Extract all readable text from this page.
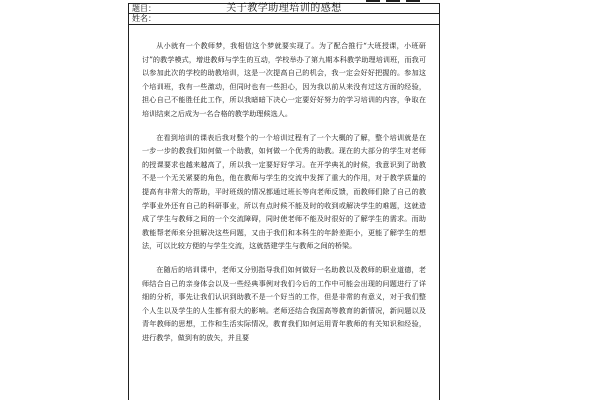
题目：	关于教学助理培训的感想
姓名：

从小就有一个教师梦，我相信这个梦就要实现了。为了配合推行“大班授课，小班研讨”的教学模式，增进教师与学生的互动，学校举办了第九期本科教学助理培训班，而我可以参加此次的学校的助教培训，这是一次提高自己的机会，我一定会好好把握的。参加这个培训班，我有一些激动，但同时也有一些担心，因为我以前从来没有过这方面的经验，担心自己不能胜任此工作，所以我暗暗下决心一定要好好努力的学习培训的内容，争取在培训结束之后成为一名合格的教学助理候选人。

在看到培训的课表后我对整个的一个培训过程有了一个大概的了解，整个培训就是在一步一步的教我们如何做一个助教，如何做一个优秀的助教。现在的大部分的学生对老师的授课要求也越来越高了，所以我一定要好好学习。在开学典礼的时候，我意识到了助教不是一个无关紧要的角色，他在教师与学生的交流中发挥了重大的作用，对于教学质量的提高有非常大的帮助，平时班级的情况都通过班长等向老师反馈，而教师们除了自己的教学事业外还有自己的科研事业，所以有点时候不能及时的收到或解决学生的难题，这就造成了学生与教师之间的一个交流障碍，同时使老师不能及时很好的了解学生的需求。而助教能帮老师来分担解决这些问题，又由于我们和本科生的年龄差距小，更能了解学生的想法，可以比较方便的与学生交流，这就搭建学生与教师之间的桥梁。

在随后的培训课中，老师又分别指导我们如何做好一名助教以及教师的职业道德，老师结合自己的亲身体会以及一些经典事例对我们今后的工作中可能会出现的问题进行了详细的分析，事先让我们认识到助教不是一个好当的工作，但是非常的有意义，对于我们整个人生以及学生的人生都有很大的影响。老师还结合我国高等教育的新情况，新问题以及青年教师的思想，工作和生活实际情况，教育我们如何运用青年教师的有关知识和经验，进行教学，做到有的放矢，并且要
